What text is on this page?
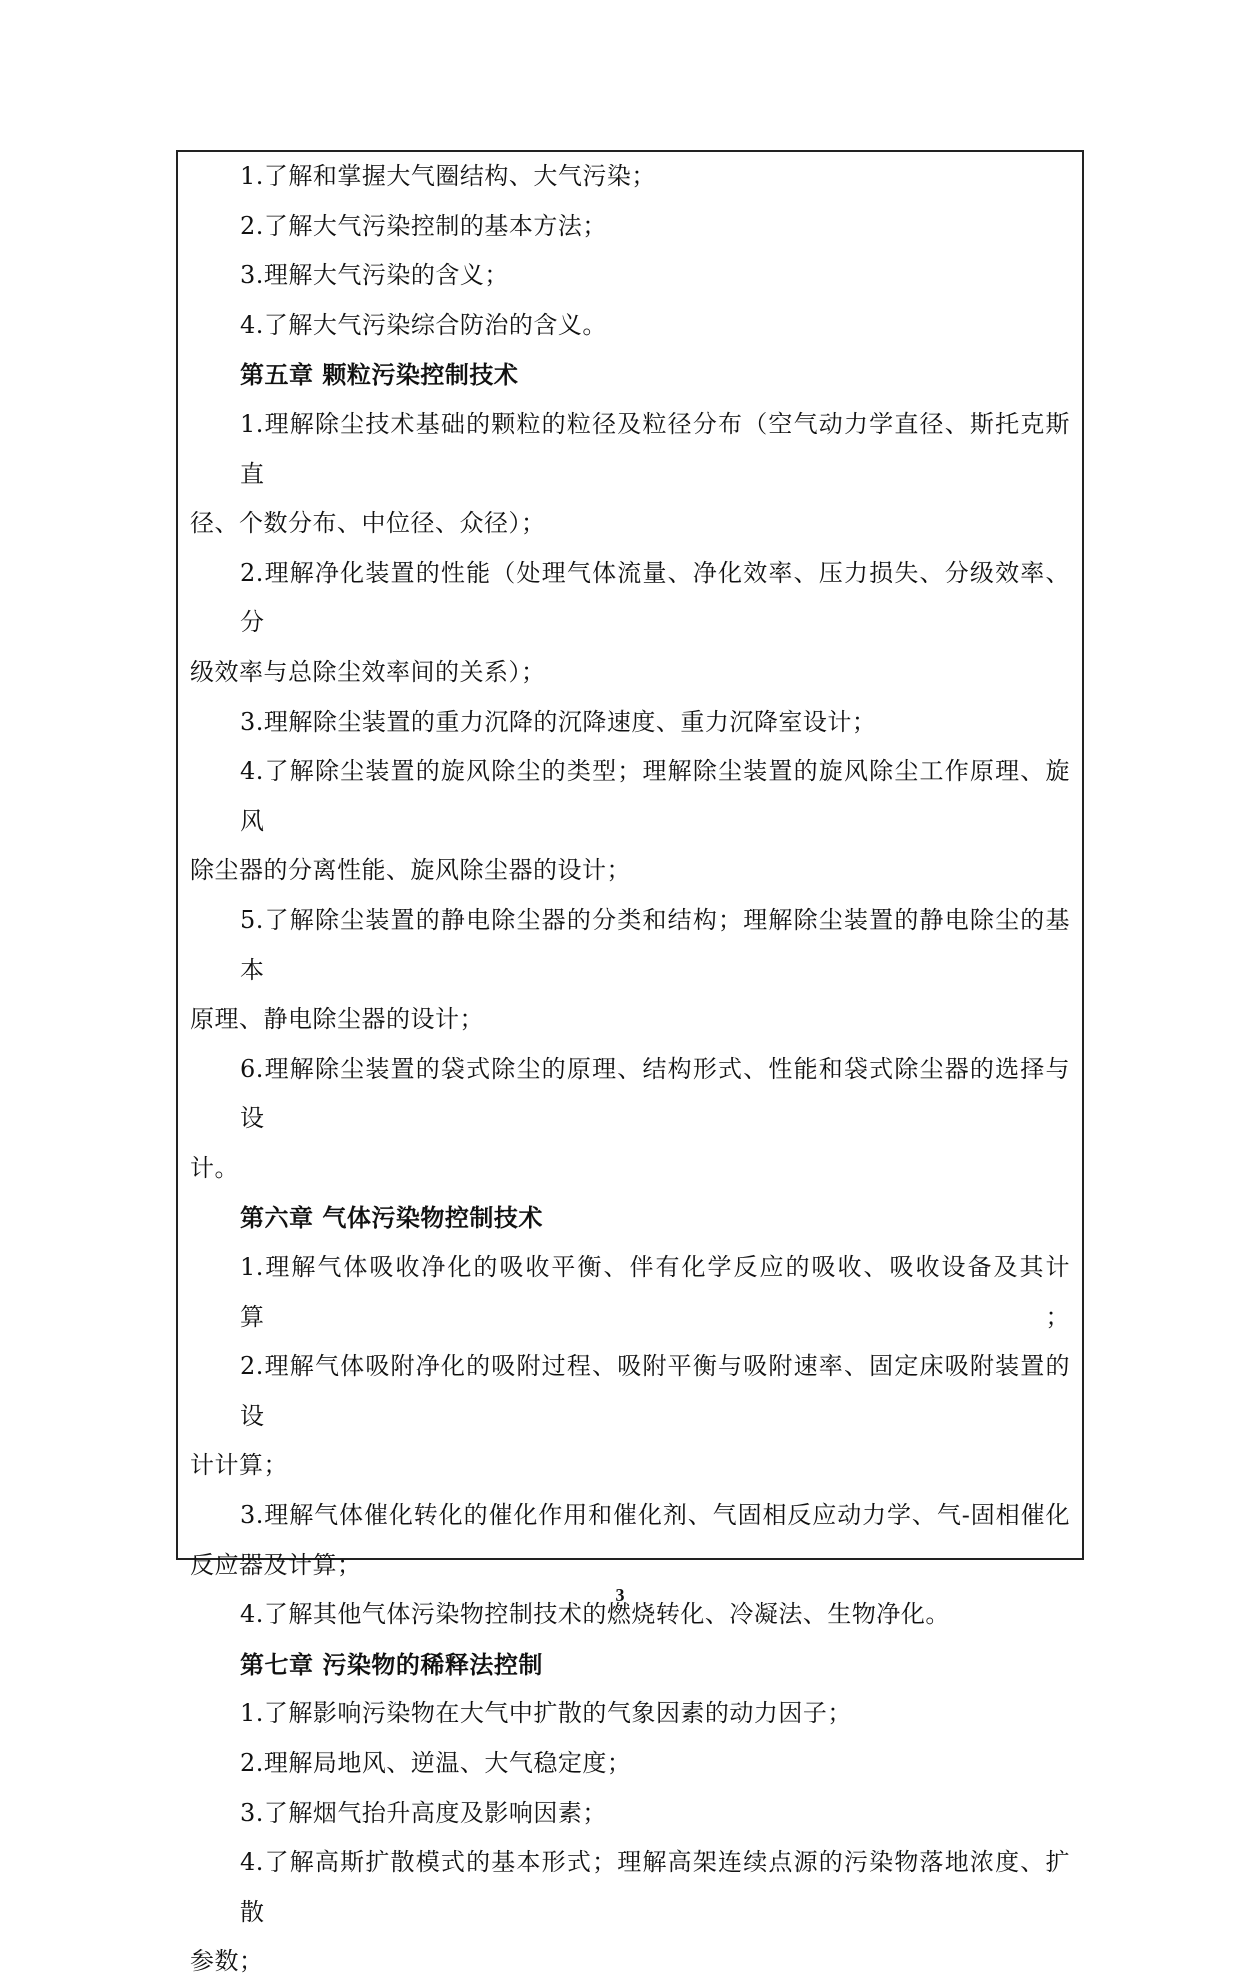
1.了解和掌握大气圈结构、大气污染；
2.了解大气污染控制的基本方法；
3.理解大气污染的含义；
4.了解大气污染综合防治的含义。
第五章 颗粒污染控制技术
1.理解除尘技术基础的颗粒的粒径及粒径分布（空气动力学直径、斯托克斯直
径、个数分布、中位径、众径）；
2.理解净化装置的性能（处理气体流量、净化效率、压力损失、分级效率、分
级效率与总除尘效率间的关系）；
3.理解除尘装置的重力沉降的沉降速度、重力沉降室设计；
4.了解除尘装置的旋风除尘的类型；理解除尘装置的旋风除尘工作原理、旋风
除尘器的分离性能、旋风除尘器的设计；
5.了解除尘装置的静电除尘器的分类和结构；理解除尘装置的静电除尘的基本
原理、静电除尘器的设计；
6.理解除尘装置的袋式除尘的原理、结构形式、性能和袋式除尘器的选择与设
计。
第六章 气体污染物控制技术
1.理解气体吸收净化的吸收平衡、伴有化学反应的吸收、吸收设备及其计算；
2.理解气体吸附净化的吸附过程、吸附平衡与吸附速率、固定床吸附装置的设
计计算；
3.理解气体催化转化的催化作用和催化剂、气固相反应动力学、气-固相催化
反应器及计算；
4.了解其他气体污染物控制技术的燃烧转化、冷凝法、生物净化。
第七章 污染物的稀释法控制
1.了解影响污染物在大气中扩散的气象因素的动力因子；
2.理解局地风、逆温、大气稳定度；
3.了解烟气抬升高度及影响因素；
4.了解高斯扩散模式的基本形式；理解高架连续点源的污染物落地浓度、扩散
参数；
3
